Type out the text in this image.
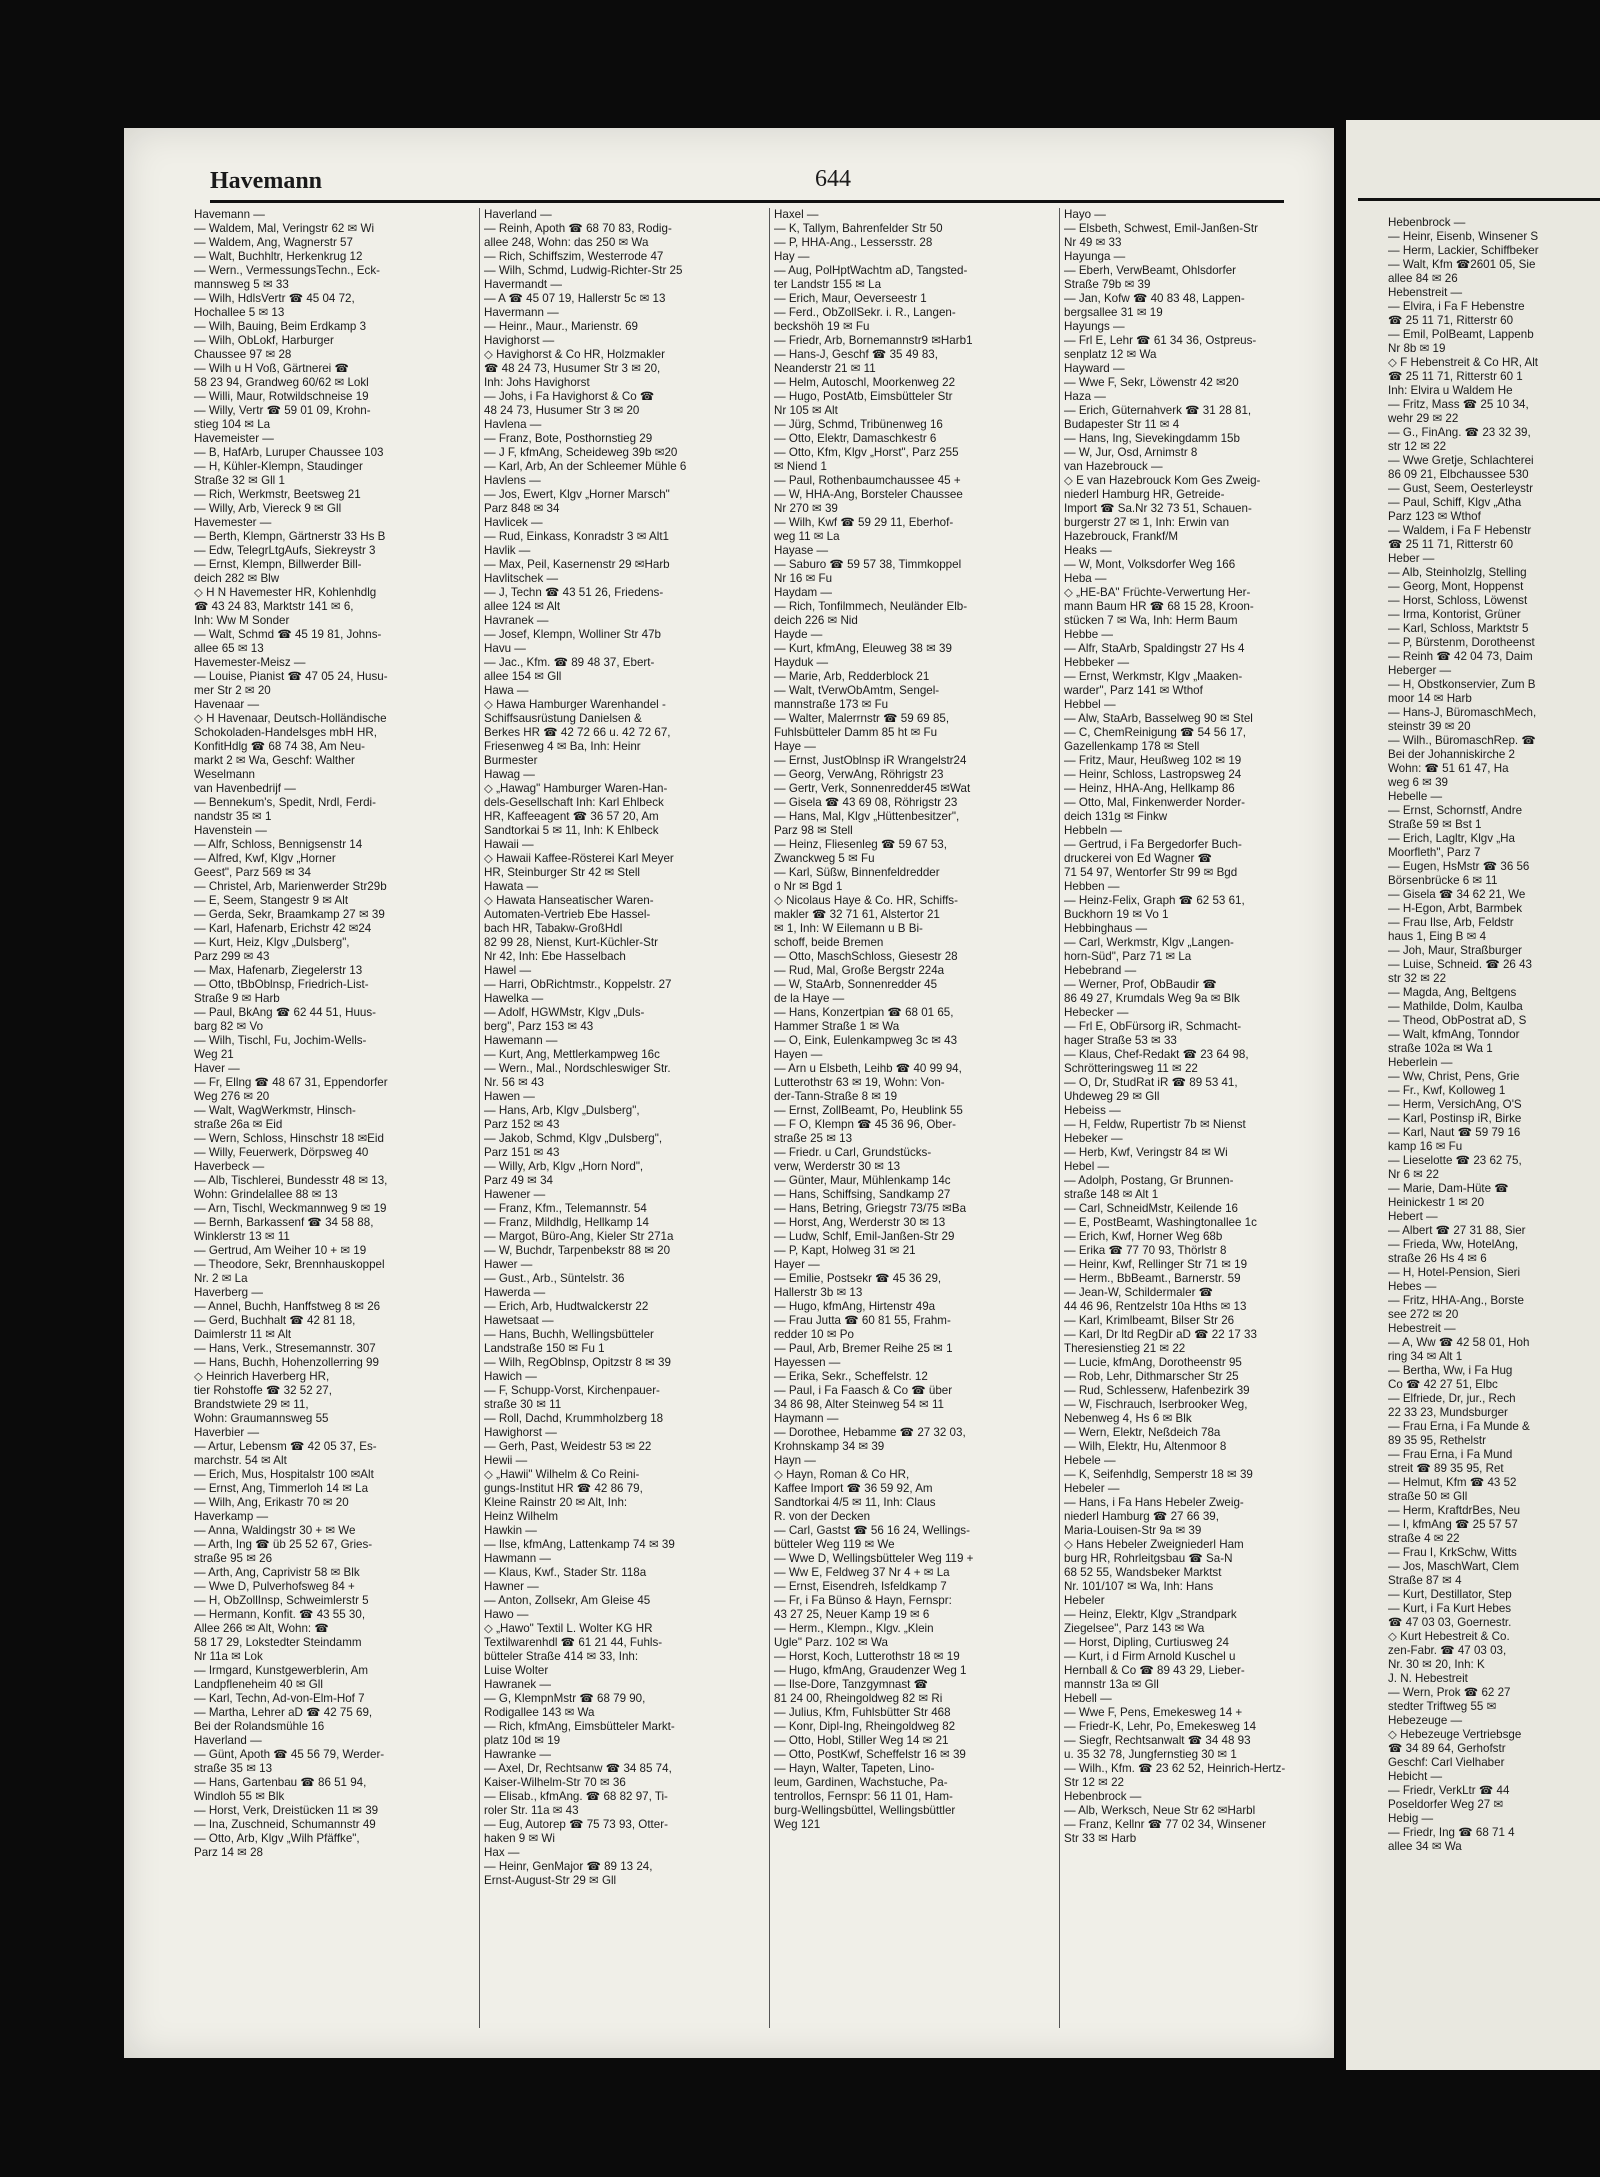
Havemann	644
Havemann —
— Waldem, Mal, Veringstr 62 ✉ Wi
— Waldem, Ang, Wagnerstr 57
— Walt, Buchhltr, Herkenkrug 12
— Wern., VermessungsTechn., Eck-
mannsweg 5 ✉ 33
— Wilh, HdlsVertr ☎ 45 04 72,
Hochallee 5 ✉ 13
— Wilh, Bauing, Beim Erdkamp 3
— Wilh, ObLokf, Harburger
Chaussee 97 ✉ 28
— Wilh u H Voß, Gärtnerei ☎
58 23 94, Grandweg 60/62 ✉ Lokl
— Willi, Maur, Rotwildschneise 19
— Willy, Vertr ☎ 59 01 09, Krohn-
stieg 104 ✉ La
Havemeister —
— B, HafArb, Luruper Chaussee 103
— H, Kühler-Klempn, Staudinger
Straße 32 ✉ Gll 1
— Rich, Werkmstr, Beetsweg 21
— Willy, Arb, Viereck 9 ✉ Gll
Havemester —
— Berth, Klempn, Gärtnerstr 33 Hs B
— Edw, TelegrLtgAufs, Siekreystr 3
— Ernst, Klempn, Billwerder Bill-
deich 282 ✉ Blw
◇ H N Havemester HR, Kohlenhdlg
☎ 43 24 83, Marktstr 141 ✉ 6,
Inh: Ww M Sonder
— Walt, Schmd ☎ 45 19 81, Johns-
allee 65 ✉ 13
Havemester-Meisz —
— Louise, Pianist ☎ 47 05 24, Husu-
mer Str 2 ✉ 20
Havenaar —
◇ H Havenaar, Deutsch-Holländische
Schokoladen-Handelsges mbH HR,
KonfitHdlg ☎ 68 74 38, Am Neu-
markt 2 ✉ Wa, Geschf: Walther
Weselmann
van Havenbedrijf —
— Bennekum's, Spedit, Nrdl, Ferdi-
nandstr 35 ✉ 1
Havenstein —
— Alfr, Schloss, Bennigsenstr 14
— Alfred, Kwf, Klgv „Horner
Geest", Parz 569 ✉ 34
— Christel, Arb, Marienwerder Str29b
— E, Seem, Stangestr 9 ✉ Alt
— Gerda, Sekr, Braamkamp 27 ✉ 39
— Karl, Hafenarb, Erichstr 42 ✉24
— Kurt, Heiz, Klgv „Dulsberg",
Parz 299 ✉ 43
— Max, Hafenarb, Ziegelerstr 13
— Otto, tBbOblnsp, Friedrich-List-
Straße 9 ✉ Harb
— Paul, BkAng ☎ 62 44 51, Huus-
barg 82 ✉ Vo
— Wilh, Tischl, Fu, Jochim-Wells-
Weg 21
Haver —
— Fr, Ellng ☎ 48 67 31, Eppendorfer
Weg 276 ✉ 20
— Walt, WagWerkmstr, Hinsch-
straße 26a ✉ Eid
— Wern, Schloss, Hinschstr 18 ✉Eid
— Willy, Feuerwerk, Dörpsweg 40
Haverbeck —
— Alb, Tischlerei, Bundesstr 48 ✉ 13,
Wohn: Grindelallee 88 ✉ 13
— Arn, Tischl, Weckmannweg 9 ✉ 19
— Bernh, Barkassenf ☎ 34 58 88,
Winklerstr 13 ✉ 11
— Gertrud, Am Weiher 10 + ✉ 19
— Theodore, Sekr, Brennhauskoppel
Nr. 2 ✉ La
Haverberg —
— Annel, Buchh, Hanffstweg 8 ✉ 26
— Gerd, Buchhalt ☎ 42 81 18,
Daimlerstr 11 ✉ Alt
— Hans, Verk., Stresemannstr. 307
— Hans, Buchh, Hohenzollerring 99
◇ Heinrich Haverberg HR,
tier Rohstoffe ☎ 32 52 27,
Brandstwiete 29 ✉ 11,
Wohn: Graumannsweg 55
Haverbier —
— Artur, Lebensm ☎ 42 05 37, Es-
marchstr. 54 ✉ Alt
— Erich, Mus, Hospitalstr 100 ✉Alt
— Ernst, Ang, Timmerloh 14 ✉ La
— Wilh, Ang, Erikastr 70 ✉ 20
Haverkamp —
— Anna, Waldingstr 30 + ✉ We
— Arth, Ing ☎ üb 25 52 67, Gries-
straße 95 ✉ 26
— Arth, Ang, Caprivistr 58 ✉ Blk
— Wwe D, Pulverhofsweg 84 +
— H, ObZollInsp, Schweimlerstr 5
— Hermann, Konfit. ☎ 43 55 30,
Allee 266 ✉ Alt, Wohn: ☎
58 17 29, Lokstedter Steindamm
Nr 11a ✉ Lok
— Irmgard, Kunstgewerblerin, Am
Landpfleneheim 40 ✉ Gll
— Karl, Techn, Ad-von-Elm-Hof 7
— Martha, Lehrer aD ☎ 42 75 69,
Bei der Rolandsmühle 16
Haverland —
— Günt, Apoth ☎ 45 56 79, Werder-
straße 35 ✉ 13
— Hans, Gartenbau ☎ 86 51 94,
Windloh 55 ✉ Blk
— Horst, Verk, Dreistücken 11 ✉ 39
— Ina, Zuschneid, Schumannstr 49
— Otto, Arb, Klgv „Wilh Pfäffke",
Parz 14 ✉ 28
Haverland —
— Reinh, Apoth ☎ 68 70 83, Rodig-
allee 248, Wohn: das 250 ✉ Wa
— Rich, Schiffszim, Westerrode 47
— Wilh, Schmd, Ludwig-Richter-Str 25
Havermandt —
— A ☎ 45 07 19, Hallerstr 5c ✉ 13
Havermann —
— Heinr., Maur., Marienstr. 69
Havighorst —
◇ Havighorst & Co HR, Holzmakler
☎ 48 24 73, Husumer Str 3 ✉ 20,
Inh: Johs Havighorst
— Johs, i Fa Havighorst & Co ☎
48 24 73, Husumer Str 3 ✉ 20
Havlena —
— Franz, Bote, Posthornstieg 29
— J F, kfmAng, Scheideweg 39b ✉20
— Karl, Arb, An der Schleemer Mühle 6
Havlens —
— Jos, Ewert, Klgv „Horner Marsch"
Parz 848 ✉ 34
Havlicek —
— Rud, Einkass, Konradstr 3 ✉ Alt1
Havlik —
— Max, Peil, Kasernenstr 29 ✉Harb
Havlitschek —
— J, Techn ☎ 43 51 26, Friedens-
allee 124 ✉ Alt
Havranek —
— Josef, Klempn, Wolliner Str 47b
Havu —
— Jac., Kfm. ☎ 89 48 37, Ebert-
allee 154 ✉ Gll
Hawa —
◇ Hawa Hamburger Warenhandel -
Schiffsausrüstung Danielsen &
Berkes HR ☎ 42 72 66 u. 42 72 67,
Friesenweg 4 ✉ Ba, Inh: Heinr
Burmester
Hawag —
◇ „Hawag" Hamburger Waren-Han-
dels-Gesellschaft Inh: Karl Ehlbeck
HR, Kaffeeagent ☎ 36 57 20, Am
Sandtorkai 5 ✉ 11, Inh: K Ehlbeck
Hawaii —
◇ Hawaii Kaffee-Rösterei Karl Meyer
HR, Steinburger Str 42 ✉ Stell
Hawata —
◇ Hawata Hanseatischer Waren-
Automaten-Vertrieb Ebe Hassel-
bach HR, Tabakw-GroßHdl
82 99 28, Nienst, Kurt-Küchler-Str
Nr 42, Inh: Ebe Hasselbach
Hawel —
— Harri, ObRichtmstr., Koppelstr. 27
Hawelka —
— Adolf, HGWMstr, Klgv „Duls-
berg", Parz 153 ✉ 43
Hawemann —
— Kurt, Ang, Mettlerkampweg 16c
— Wern., Mal., Nordschleswiger Str.
Nr. 56 ✉ 43
Hawen —
— Hans, Arb, Klgv „Dulsberg",
Parz 152 ✉ 43
— Jakob, Schmd, Klgv „Dulsberg",
Parz 151 ✉ 43
— Willy, Arb, Klgv „Horn Nord",
Parz 49 ✉ 34
Hawener —
— Franz, Kfm., Telemannstr. 54
— Franz, Mildhdlg, Hellkamp 14
— Margot, Büro-Ang, Kieler Str 271a
— W, Buchdr, Tarpenbekstr 88 ✉ 20
Hawer —
— Gust., Arb., Süntelstr. 36
Hawerda —
— Erich, Arb, Hudtwalckerstr 22
Hawetsaat —
— Hans, Buchh, Wellingsbütteler
Landstraße 150 ✉ Fu 1
— Wilh, RegOblnsp, Opitzstr 8 ✉ 39
Hawich —
— F, Schupp-Vorst, Kirchenpauer-
straße 30 ✉ 11
— Roll, Dachd, Krummholzberg 18
Hawighorst —
— Gerh, Past, Weidestr 53 ✉ 22
Hewii —
◇ „Hawii" Wilhelm & Co Reini-
gungs-Institut HR ☎ 42 86 79,
Kleine Rainstr 20 ✉ Alt, Inh:
Heinz Wilhelm
Hawkin —
— Ilse, kfmAng, Lattenkamp 74 ✉ 39
Hawmann —
— Klaus, Kwf., Stader Str. 118a
Hawner —
— Anton, Zollsekr, Am Gleise 45
Hawo —
◇ „Hawo" Textil L. Wolter KG HR
Textilwarenhdl ☎ 61 21 44, Fuhls-
bütteler Straße 414 ✉ 33, Inh:
Luise Wolter
Hawranek —
— G, KlempnMstr ☎ 68 79 90,
Rodigallee 143 ✉ Wa
— Rich, kfmAng, Eimsbütteler Markt-
platz 10d ✉ 19
Hawranke —
— Axel, Dr, Rechtsanw ☎ 34 85 74,
Kaiser-Wilhelm-Str 70 ✉ 36
— Elisab., kfmAng. ☎ 68 82 97, Ti-
roler Str. 11a ✉ 43
— Eug, Autorep ☎ 75 73 93, Otter-
haken 9 ✉ Wi
Hax —
— Heinr, GenMajor ☎ 89 13 24,
Ernst-August-Str 29 ✉ Gll
Haxel —
— K, Tallym, Bahrenfelder Str 50
— P, HHA-Ang., Lessersstr. 28
Hay —
— Aug, PolHptWachtm aD, Tangsted-
ter Landstr 155 ✉ La
— Erich, Maur, Oeverseestr 1
— Ferd., ObZollSekr. i. R., Langen-
beckshöh 19 ✉ Fu
— Friedr, Arb, Bornemannstr9 ✉Harb1
— Hans-J, Geschf ☎ 35 49 83,
Neanderstr 21 ✉ 11
— Helm, Autoschl, Moorkenweg 22
— Hugo, PostAtb, Eimsbütteler Str
Nr 105 ✉ Alt
— Jürg, Schmd, Tribünenweg 16
— Otto, Elektr, Damaschkestr 6
— Otto, Kfm, Klgv „Horst", Parz 255
✉ Niend 1
— Paul, Rothenbaumchaussee 45 +
— W, HHA-Ang, Borsteler Chaussee
Nr 270 ✉ 39
— Wilh, Kwf ☎ 59 29 11, Eberhof-
weg 11 ✉ La
Hayase —
— Saburo ☎ 59 57 38, Timmkoppel
Nr 16 ✉ Fu
Haydam —
— Rich, Tonfilmmech, Neuländer Elb-
deich 226 ✉ Nid
Hayde —
— Kurt, kfmAng, Eleuweg 38 ✉ 39
Hayduk —
— Marie, Arb, Redderblock 21
— Walt, tVerwObAmtm, Sengel-
mannstraße 173 ✉ Fu
— Walter, Malerrnstr ☎ 59 69 85,
Fuhlsbütteler Damm 85 ht ✉ Fu
Haye —
— Ernst, JustOblnsp iR Wrangelstr24
— Georg, VerwAng, Röhrigstr 23
— Gertr, Verk, Sonnenredder45 ✉Wat
— Gisela ☎ 43 69 08, Röhrigstr 23
— Hans, Mal, Klgv „Hüttenbesitzer",
Parz 98 ✉ Stell
— Heinz, Fliesenleg ☎ 59 67 53,
Zwanckweg 5 ✉ Fu
— Karl, Süßw, Binnenfeldredder
o Nr ✉ Bgd 1
◇ Nicolaus Haye & Co. HR, Schiffs-
makler ☎ 32 71 61, Alstertor 21
✉ 1, Inh: W Eilemann u B Bi-
schoff, beide Bremen
— Otto, MaschSchloss, Giesestr 28
— Rud, Mal, Große Bergstr 224a
— W, StaArb, Sonnenredder 45
de la Haye —
— Hans, Konzertpian ☎ 68 01 65,
Hammer Straße 1 ✉ Wa
— O, Eink, Eulenkampweg 3c ✉ 43
Hayen —
— Arn u Elsbeth, Leihb ☎ 40 99 94,
Lutterothstr 63 ✉ 19, Wohn: Von-
der-Tann-Straße 8 ✉ 19
— Ernst, ZollBeamt, Po, Heublink 55
— F O, Klempn ☎ 45 36 96, Ober-
straße 25 ✉ 13
— Friedr. u Carl, Grundstücks-
verw, Werderstr 30 ✉ 13
— Günter, Maur, Mühlenkamp 14c
— Hans, Schiffsing, Sandkamp 27
— Hans, Betring, Griegstr 73/75 ✉Ba
— Horst, Ang, Werderstr 30 ✉ 13
— Ludw, Schlf, Emil-Janßen-Str 29
— P, Kapt, Holweg 31 ✉ 21
Hayer —
— Emilie, Postsekr ☎ 45 36 29,
Hallerstr 3b ✉ 13
— Hugo, kfmAng, Hirtenstr 49a
— Frau Jutta ☎ 60 81 55, Frahm-
redder 10 ✉ Po
— Paul, Arb, Bremer Reihe 25 ✉ 1
Hayessen —
— Erika, Sekr., Scheffelstr. 12
— Paul, i Fa Faasch & Co ☎ über
34 86 98, Alter Steinweg 54 ✉ 11
Haymann —
— Dorothee, Hebamme ☎ 27 32 03,
Krohnskamp 34 ✉ 39
Hayn —
◇ Hayn, Roman & Co HR,
Kaffee Import ☎ 36 59 92, Am
Sandtorkai 4/5 ✉ 11, Inh: Claus
R. von der Decken
— Carl, Gastst ☎ 56 16 24, Wellings-
bütteler Weg 119 ✉ We
— Wwe D, Wellingsbütteler Weg 119 +
— Ww E, Feldweg 37 Nr 4 + ✉ La
— Ernst, Eisendreh, Isfeldkamp 7
— Fr, i Fa Bünso & Hayn, Fernspr:
43 27 25, Neuer Kamp 19 ✉ 6
— Herm., Klempn., Klgv. „Klein
Ugle" Parz. 102 ✉ Wa
— Horst, Koch, Lutterothstr 18 ✉ 19
— Hugo, kfmAng, Graudenzer Weg 1
— Ilse-Dore, Tanzgymnast ☎
81 24 00, Rheingoldweg 82 ✉ Ri
— Julius, Kfm, Fuhlsbütter Str 468
— Konr, Dipl-Ing, Rheingoldweg 82
— Otto, Hobl, Stiller Weg 14 ✉ 21
— Otto, PostKwf, Scheffelstr 16 ✉ 39
— Hayn, Walter, Tapeten, Lino-
leum, Gardinen, Wachstuche, Pa-
tentrollos, Fernspr: 56 11 01, Ham-
burg-Wellingsbüttel, Wellingsbüttler
Weg 121
Hayo —
— Elsbeth, Schwest, Emil-Janßen-Str
Nr 49 ✉ 33
Hayunga —
— Eberh, VerwBeamt, Ohlsdorfer
Straße 79b ✉ 39
— Jan, Kofw ☎ 40 83 48, Lappen-
bergsallee 31 ✉ 19
Hayungs —
— Frl E, Lehr ☎ 61 34 36, Ostpreus-
senplatz 12 ✉ Wa
Hayward —
— Wwe F, Sekr, Löwenstr 42 ✉20
Haza —
— Erich, Güternahverk ☎ 31 28 81,
Budapester Str 11 ✉ 4
— Hans, Ing, Sievekingdamm 15b
— W, Jur, Osd, Arnimstr 8
van Hazebrouck —
◇ E van Hazebrouck Kom Ges Zweig-
niederl Hamburg HR, Getreide-
Import ☎ Sa.Nr 32 73 51, Schauen-
burgerstr 27 ✉ 1, Inh: Erwin van
Hazebrouck, Frankf/M
Heaks —
— W, Mont, Volksdorfer Weg 166
Heba —
◇ „HE-BA" Früchte-Verwertung Her-
mann Baum HR ☎ 68 15 28, Kroon-
stücken 7 ✉ Wa, Inh: Herm Baum
Hebbe —
— Alfr, StaArb, Spaldingstr 27 Hs 4
Hebbeker —
— Ernst, Werkmstr, Klgv „Maaken-
warder", Parz 141 ✉ Wthof
Hebbel —
— Alw, StaArb, Basselweg 90 ✉ Stel
— C, ChemReinigung ☎ 54 56 17,
Gazellenkamp 178 ✉ Stell
— Fritz, Maur, Heußweg 102 ✉ 19
— Heinr, Schloss, Lastropsweg 24
— Heinz, HHA-Ang, Hellkamp 86
— Otto, Mal, Finkenwerder Norder-
deich 131g ✉ Finkw
Hebbeln —
— Gertrud, i Fa Bergedorfer Buch-
druckerei von Ed Wagner ☎
71 54 97, Wentorfer Str 99 ✉ Bgd
Hebben —
— Heinz-Felix, Graph ☎ 62 53 61,
Buckhorn 19 ✉ Vo 1
Hebbinghaus —
— Carl, Werkmstr, Klgv „Langen-
horn-Süd", Parz 71 ✉ La
Hebebrand —
— Werner, Prof, ObBaudir ☎
86 49 27, Krumdals Weg 9a ✉ Blk
Hebecker —
— Frl E, ObFürsorg iR, Schmacht-
hager Straße 53 ✉ 33
— Klaus, Chef-Redakt ☎ 23 64 98,
Schrötteringsweg 11 ✉ 22
— O, Dr, StudRat iR ☎ 89 53 41,
Uhdeweg 29 ✉ Gll
Hebeiss —
— H, Feldw, Rupertistr 7b ✉ Nienst
Hebeker —
— Herb, Kwf, Veringstr 84 ✉ Wi
Hebel —
— Adolph, Postang, Gr Brunnen-
straße 148 ✉ Alt 1
— Carl, SchneidMstr, Keilende 16
— E, PostBeamt, Washingtonallee 1c
— Erich, Kwf, Horner Weg 68b
— Erika ☎ 77 70 93, Thörlstr 8
— Heinr, Kwf, Rellinger Str 71 ✉ 19
— Herm., BbBeamt., Barnerstr. 59
— Jean-W, Schildermaler ☎
44 46 96, Rentzelstr 10a Hths ✉ 13
— Karl, Krimlbeamt, Bilser Str 26
— Karl, Dr ltd RegDir aD ☎ 22 17 33
Theresienstieg 21 ✉ 22
— Lucie, kfmAng, Dorotheenstr 95
— Rob, Lehr, Dithmarscher Str 25
— Rud, Schlesserw, Hafenbezirk 39
— W, Fischrauch, Iserbrooker Weg,
Nebenweg 4, Hs 6 ✉ Blk
— Wern, Elektr, Neßdeich 78a
— Wilh, Elektr, Hu, Altenmoor 8
Hebele —
— K, Seifenhdlg, Semperstr 18 ✉ 39
Hebeler —
— Hans, i Fa Hans Hebeler Zweig-
niederl Hamburg ☎ 27 66 39,
Maria-Louisen-Str 9a ✉ 39
◇ Hans Hebeler Zweigniederl Ham
burg HR, Rohrleitgsbau ☎ Sa-N
68 52 55, Wandsbeker Marktst
Nr. 101/107 ✉ Wa, Inh: Hans
Hebeler
— Heinz, Elektr, Klgv „Strandpark
Ziegelsee", Parz 143 ✉ Wa
— Horst, Dipling, Curtiusweg 24
— Kurt, i d Firm Arnold Kuschel u
Hernball & Co ☎ 89 43 29, Lieber-
mannstr 13a ✉ Gll
Hebell —
— Wwe F, Pens, Emekesweg 14 +
— Friedr-K, Lehr, Po, Emekesweg 14
— Siegfr, Rechtsanwalt ☎ 34 48 93
u. 35 32 78, Jungfernstieg 30 ✉ 1
— Wilh., Kfm. ☎ 23 62 52, Heinrich-Hertz-
Str 12 ✉ 22
Hebenbrock —
— Alb, Werksch, Neue Str 62 ✉Harbl
— Franz, Kellnr ☎ 77 02 34, Winsener
Str 33 ✉ Harb
Hebenbrock —
— Heinr, Eisenb, Winsener S
— Herm, Lackier, Schiffbeker
— Walt, Kfm ☎2601 05, Sie
allee 84 ✉ 26
Hebenstreit —
— Elvira, i Fa F Hebenstre
☎ 25 11 71, Ritterstr 60
— Emil, PolBeamt, Lappenb
Nr 8b ✉ 19
◇ F Hebenstreit & Co HR, Alt
☎ 25 11 71, Ritterstr 60 1
Inh: Elvira u Waldem He
— Fritz, Mass ☎ 25 10 34,
wehr 29 ✉ 22
— G., FinAng. ☎ 23 32 39,
str 12 ✉ 22
— Wwe Gretje, Schlachterei
86 09 21, Elbchaussee 530
— Gust, Seem, Oesterleystr
— Paul, Schiff, Klgv „Atha
Parz 123 ✉ Wthof
— Waldem, i Fa F Hebenstr
☎ 25 11 71, Ritterstr 60
Heber —
— Alb, Steinholzlg, Stelling
— Georg, Mont, Hoppenst
— Horst, Schloss, Löwenst
— Irma, Kontorist, Grüner
— Karl, Schloss, Marktstr 5
— P, Bürstenm, Dorotheenst
— Reinh ☎ 42 04 73, Daim
Heberger —
— H, Obstkonservier, Zum B
moor 14 ✉ Harb
— Hans-J, BüromaschMech,
steinstr 39 ✉ 20
— Wilh., BüromaschRep. ☎
Bei der Johanniskirche 2
Wohn: ☎ 51 61 47, Ha
weg 6 ✉ 39
Hebelle —
— Ernst, Schornstf, Andre
Straße 59 ✉ Bst 1
— Erich, Lagltr, Klgv „Ha
Moorfleth", Parz 7
— Eugen, HsMstr ☎ 36 56
Börsenbrücke 6 ✉ 11
— Gisela ☎ 34 62 21, We
— H-Egon, Arbt, Barmbek
— Frau Ilse, Arb, Feldstr
haus 1, Eing B ✉ 4
— Joh, Maur, Straßburger
— Luise, Schneid. ☎ 26 43
str 32 ✉ 22
— Magda, Ang, Beltgens
— Mathilde, Dolm, Kaulba
— Theod, ObPostrat aD, S
— Walt, kfmAng, Tonndor
straße 102a ✉ Wa 1
Heberlein —
— Ww, Christ, Pens, Grie
— Fr., Kwf, Kolloweg 1
— Herm, VersichAng, O'S
— Karl, Postinsp iR, Birke
— Karl, Naut ☎ 59 79 16
kamp 16 ✉ Fu
— Lieselotte ☎ 23 62 75,
Nr 6 ✉ 22
— Marie, Dam-Hüte ☎
Heinickestr 1 ✉ 20
Hebert —
— Albert ☎ 27 31 88, Sier
— Frieda, Ww, HotelAng,
straße 26 Hs 4 ✉ 6
— H, Hotel-Pension, Sieri
Hebes —
— Fritz, HHA-Ang., Borste
see 272 ✉ 20
Hebestreit —
— A, Ww ☎ 42 58 01, Hoh
ring 34 ✉ Alt 1
— Bertha, Ww, i Fa Hug
Co ☎ 42 27 51, Elbc
— Elfriede, Dr, jur., Rech
22 33 23, Mundsburger
— Frau Erna, i Fa Munde &
89 35 95, Rethelstr
— Frau Erna, i Fa Mund
streit ☎ 89 35 95, Ret
— Helmut, Kfm ☎ 43 52
straße 50 ✉ Gll
— Herm, KraftdrBes, Neu
— I, kfmAng ☎ 25 57 57
straße 4 ✉ 22
— Frau I, KrkSchw, Witts
— Jos, MaschWart, Clem
Straße 87 ✉ 4
— Kurt, Destillator, Step
— Kurt, i Fa Kurt Hebes
☎ 47 03 03, Goernestr.
◇ Kurt Hebestreit & Co.
zen-Fabr. ☎ 47 03 03,
Nr. 30 ✉ 20, Inh: K
J. N. Hebestreit
— Wern, Prok ☎ 62 27
stedter Triftweg 55 ✉
Hebezeuge —
◇ Hebezeuge Vertriebsge
☎ 34 89 64, Gerhofstr
Geschf: Carl Vielhaber
Hebicht —
— Friedr, VerkLtr ☎ 44
Poseldorfer Weg 27 ✉
Hebig —
— Friedr, Ing ☎ 68 71 4
allee 34 ✉ Wa
